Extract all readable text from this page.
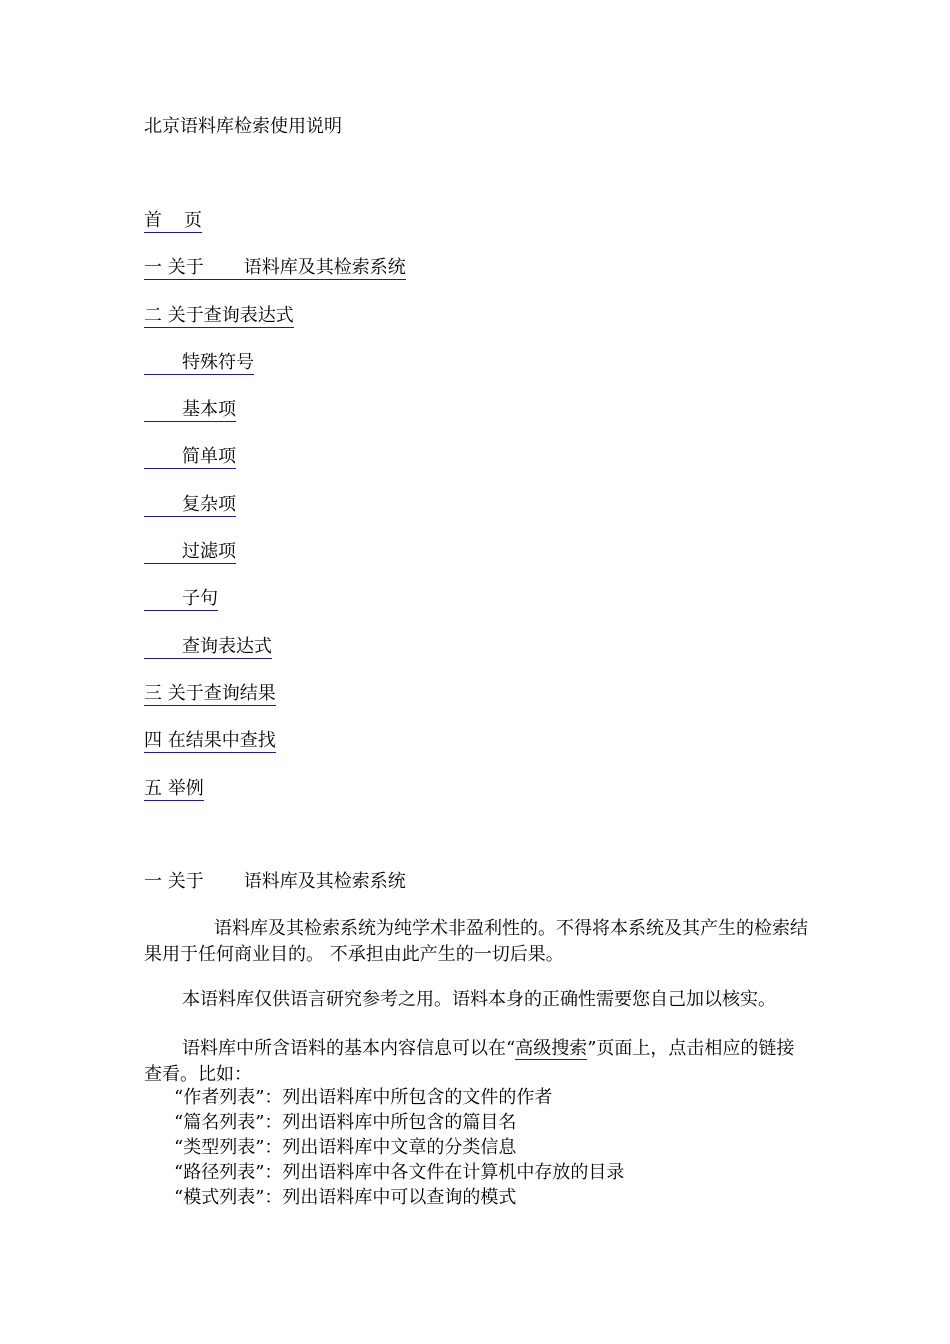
北京语料库检索使用说明
首 页
一 关于 语料库及其检索系统
二 关于查询表达式
特殊符号
基本项
简单项
复杂项
过滤项
子句
查询表达式
三 关于查询结果
四 在结果中查找
五 举例
一 关于 语料库及其检索系统

语料库及其检索系统为纯学术非盈利性的。不得将本系统及其产生的检索结果用于任何商业目的。 不承担由此产生的一切后果。

本语料库仅供语言研究参考之用。语料本身的正确性需要您自己加以核实。

语料库中所含语料的基本内容信息可以在“高级搜索”页面上，点击相应的链接查看。比如：

“作者列表”：列出语料库中所包含的文件的作者
“篇名列表”：列出语料库中所包含的篇目名
“类型列表”：列出语料库中文章的分类信息
“路径列表”：列出语料库中各文件在计算机中存放的目录
“模式列表”：列出语料库中可以查询的模式
